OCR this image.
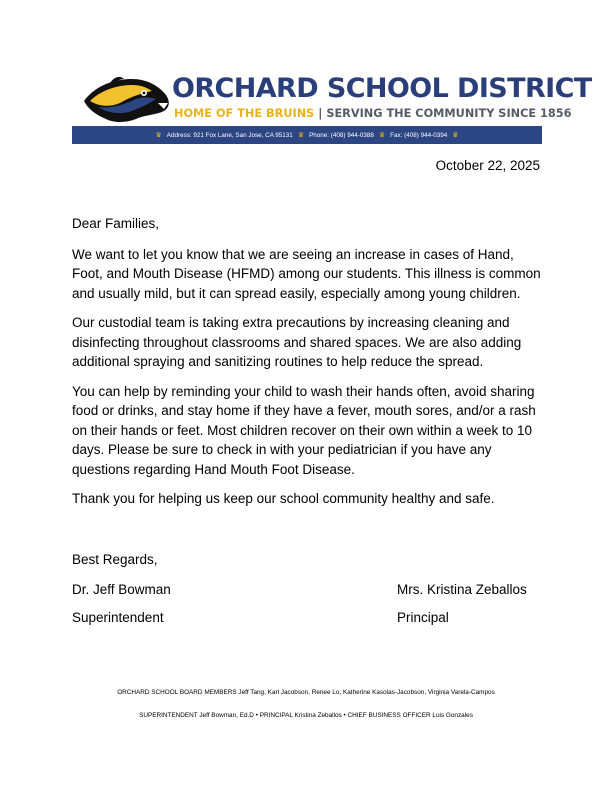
ORCHARD SCHOOL DISTRICT
HOME OF THE BRUINS | SERVING THE COMMUNITY SINCE 1856
♛ Address: 921 Fox Lane, San Jose, CA 95131 ♛ Phone: (408) 944-0388 ♛ Fax: (408) 944-0394 ♛
October 22, 2025

Dear Families,

We want to let you know that we are seeing an increase in cases of Hand, Foot, and Mouth Disease (HFMD) among our students. This illness is common and usually mild, but it can spread easily, especially among young children.

Our custodial team is taking extra precautions by increasing cleaning and disinfecting throughout classrooms and shared spaces. We are also adding additional spraying and sanitizing routines to help reduce the spread.

You can help by reminding your child to wash their hands often, avoid sharing food or drinks, and stay home if they have a fever, mouth sores, and/or a rash on their hands or feet. Most children recover on their own within a week to 10 days. Please be sure to check in with your pediatrician if you have any questions regarding Hand Mouth Foot Disease.

Thank you for helping us keep our school community healthy and safe.

Best Regards,
Dr. Jeff Bowman
Superintendent
Mrs. Kristina Zeballos
Principal
ORCHARD SCHOOL BOARD MEMBERS Jeff Tang, Karl Jacobson, Renee Lo, Katherine Kasolas-Jacobson, Virginia Varela-Campos
SUPERINTENDENT Jeff Bowman, Ed.D • PRINCIPAL Kristina Zeballos • CHIEF BUSINESS OFFICER Luis Gonzales
